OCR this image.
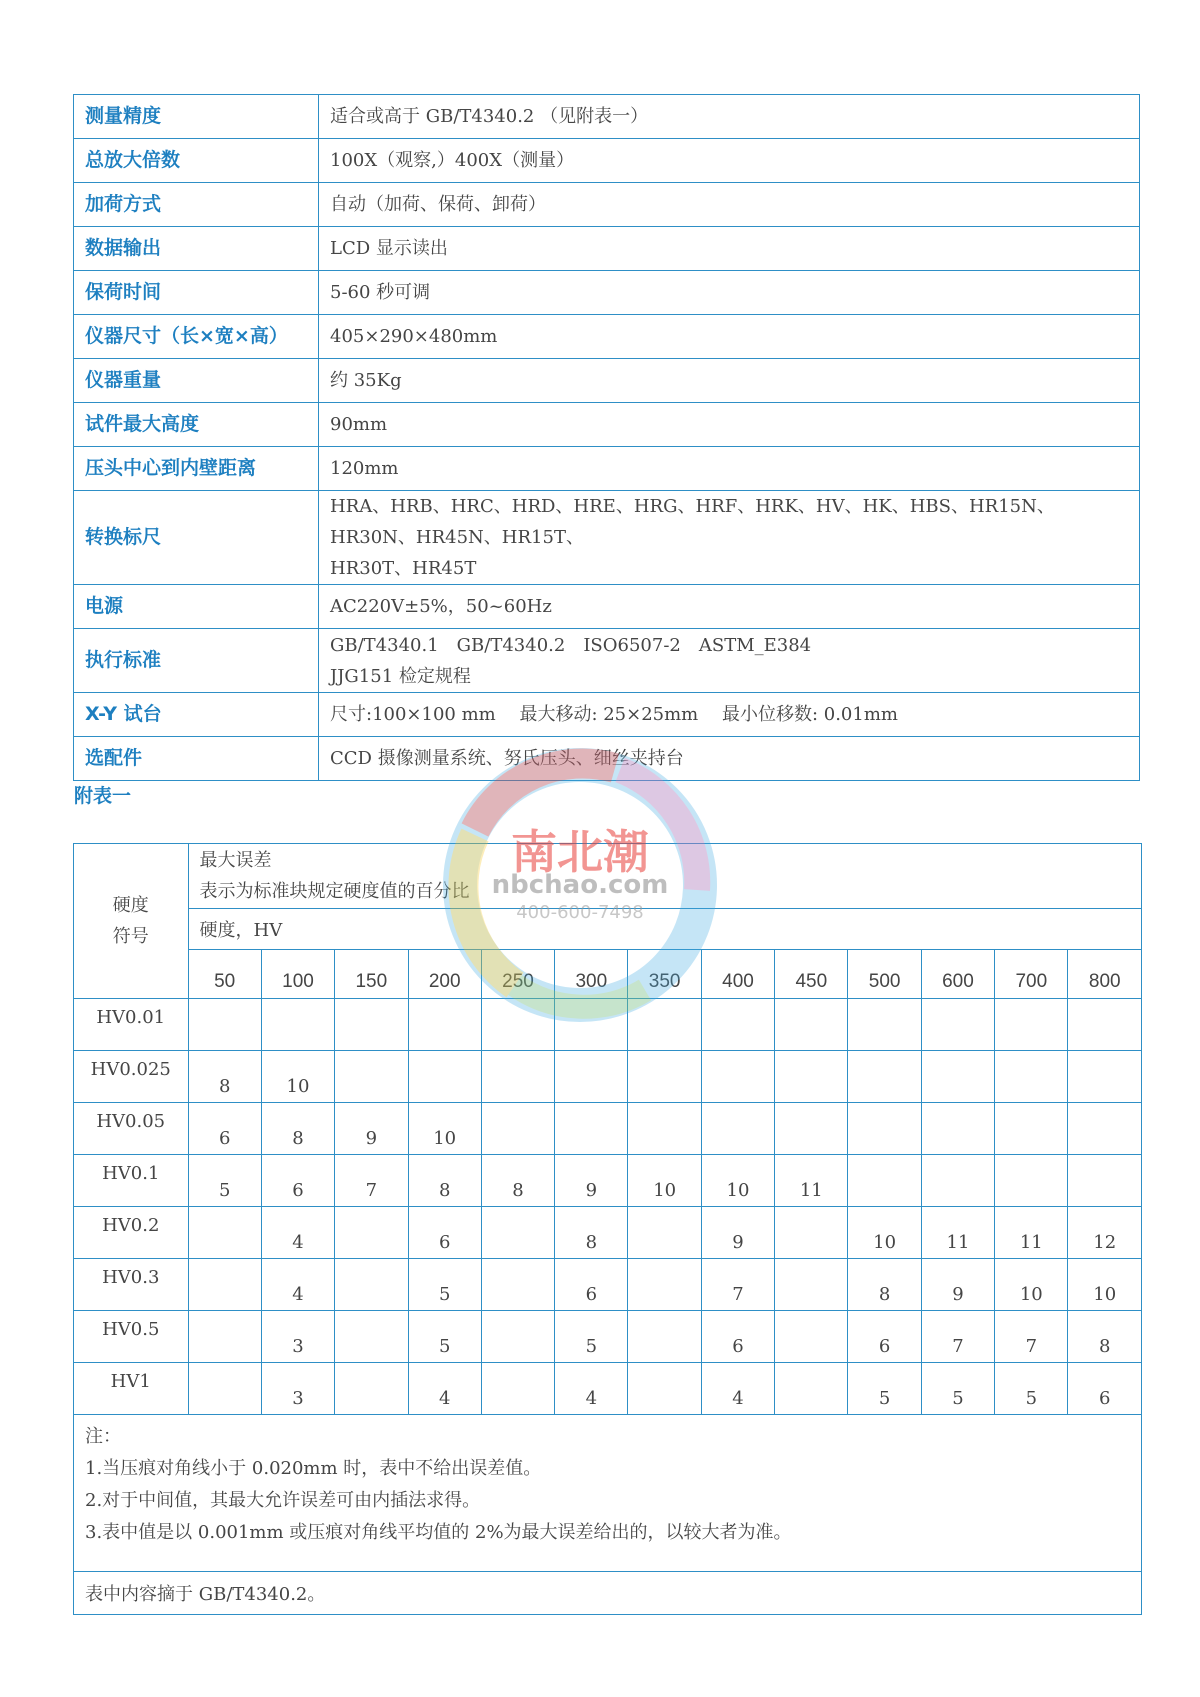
测量精度	适合或高于 GB/T4340.2 （见附表一）

总放大倍数	100X（观察,）400X（测量）

加荷方式	自动（加荷、保荷、卸荷）

数据输出	LCD 显示读出

保荷时间	5-60 秒可调

仪器尺寸（长×宽×高）	405×290×480mm

仪器重量	约 35Kg

试件最大高度	90mm

压头中心到内壁距离	120mm

转换标尺	HRA、HRB、HRC、HRD、HRE、HRG、HRF、HRK、HV、HK、HBS、HR15N、HR30N、HR45N、HR15T、
HR30T、HR45T

电源	AC220V±5%，50~60Hz

执行标准	GB/T4340.1　GB/T4340.2　ISO6507-2　ASTM_E384
JJG151 检定规程

X-Y 试台	尺寸:100×100 mm　 最大移动: 25×25mm　 最小位移数: 0.01mm

选配件	CCD 摄像测量系统、努氏压头、细丝夹持台
附表一
硬度
符号	最大误差
表示为标准块规定硬度值的百分比												
	硬度，HV												
	50	100	150	200	250	300	350	400	450	500	600	700	800
HV0.01													
HV0.025	8	10											
HV0.05	6	8	9	10									
HV0.1	5	6	7	8	8	9	10	10	11				
HV0.2		4		6		8		9		10	11	11	12
HV0.3		4		5		6		7		8	9	10	10
HV0.5		3		5		5		6		6	7	7	8
HV1		3		4		4		4		5	5	5	6

注：
1.当压痕对角线小于 0.020mm 时，表中不给出误差值。
2.对于中间值，其最大允许误差可由内插法求得。
3.表中值是以 0.001mm 或压痕对角线平均值的 2%为最大误差给出的，以较大者为准。													

表中内容摘于 GB/T4340.2。													
南北潮
nbchao.com
400-600-7498
